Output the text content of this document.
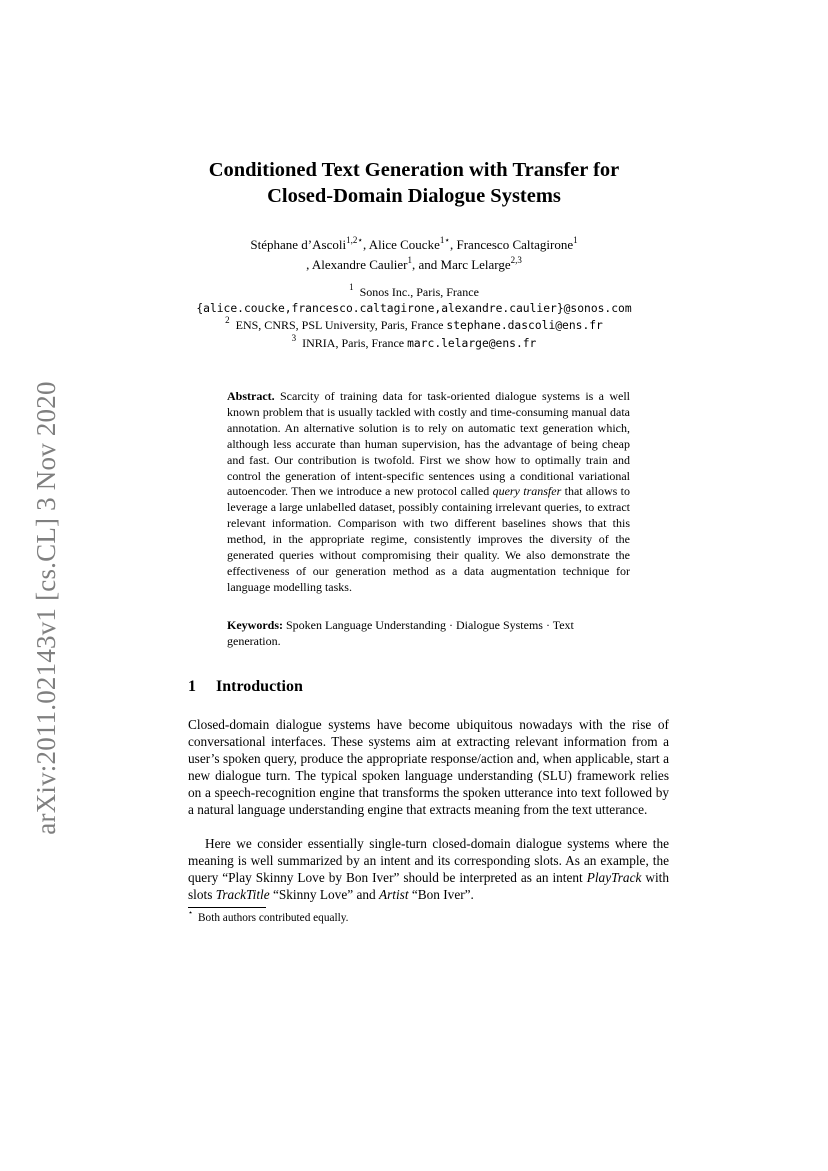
arXiv:2011.02143v1 [cs.CL] 3 Nov 2020
Conditioned Text Generation with Transfer for
Closed-Domain Dialogue Systems
Stéphane d’Ascoli$^{1,2⋆}$, Alice Coucke$^{1⋆}$, Francesco Caltagirone$^1$
, Alexandre Caulier$^1$, and Marc Lelarge$^{2,3}$
$^1$ Sonos Inc., Paris, France
{alice.coucke,francesco.caltagirone,alexandre.caulier}@sonos.com
$^2$ ENS, CNRS, PSL University, Paris, France stephane.dascoli@ens.fr
$^3$ INRIA, Paris, France marc.lelarge@ens.fr
Abstract. Scarcity of training data for task-oriented dialogue systems is a well known problem that is usually tackled with costly and time-consuming manual data annotation. An alternative solution is to rely on automatic text generation which, although less accurate than human supervision, has the advantage of being cheap and fast. Our contribution is twofold. First we show how to optimally train and control the generation of intent-specific sentences using a conditional variational autoencoder. Then we introduce a new protocol called query transfer that allows to leverage a large unlabelled dataset, possibly containing irrelevant queries, to extract relevant information. Comparison with two different baselines shows that this method, in the appropriate regime, consistently improves the diversity of the generated queries without compromising their quality. We also demonstrate the effectiveness of our generation method as a data augmentation technique for language modelling tasks.
Keywords: Spoken Language Understanding · Dialogue Systems · Text generation.
1 Introduction

Closed-domain dialogue systems have become ubiquitous nowadays with the rise of conversational interfaces. These systems aim at extracting relevant information from a user’s spoken query, produce the appropriate response/action and, when applicable, start a new dialogue turn. The typical spoken language understanding (SLU) framework relies on a speech-recognition engine that transforms the spoken utterance into text followed by a natural language understanding engine that extracts meaning from the text utterance.

Here we consider essentially single-turn closed-domain dialogue systems where the meaning is well summarized by an intent and its corresponding slots. As an example, the query “Play Skinny Love by Bon Iver” should be interpreted as an intent PlayTrack with slots TrackTitle “Skinny Love” and Artist “Bon Iver”.

⋆ Both authors contributed equally.
